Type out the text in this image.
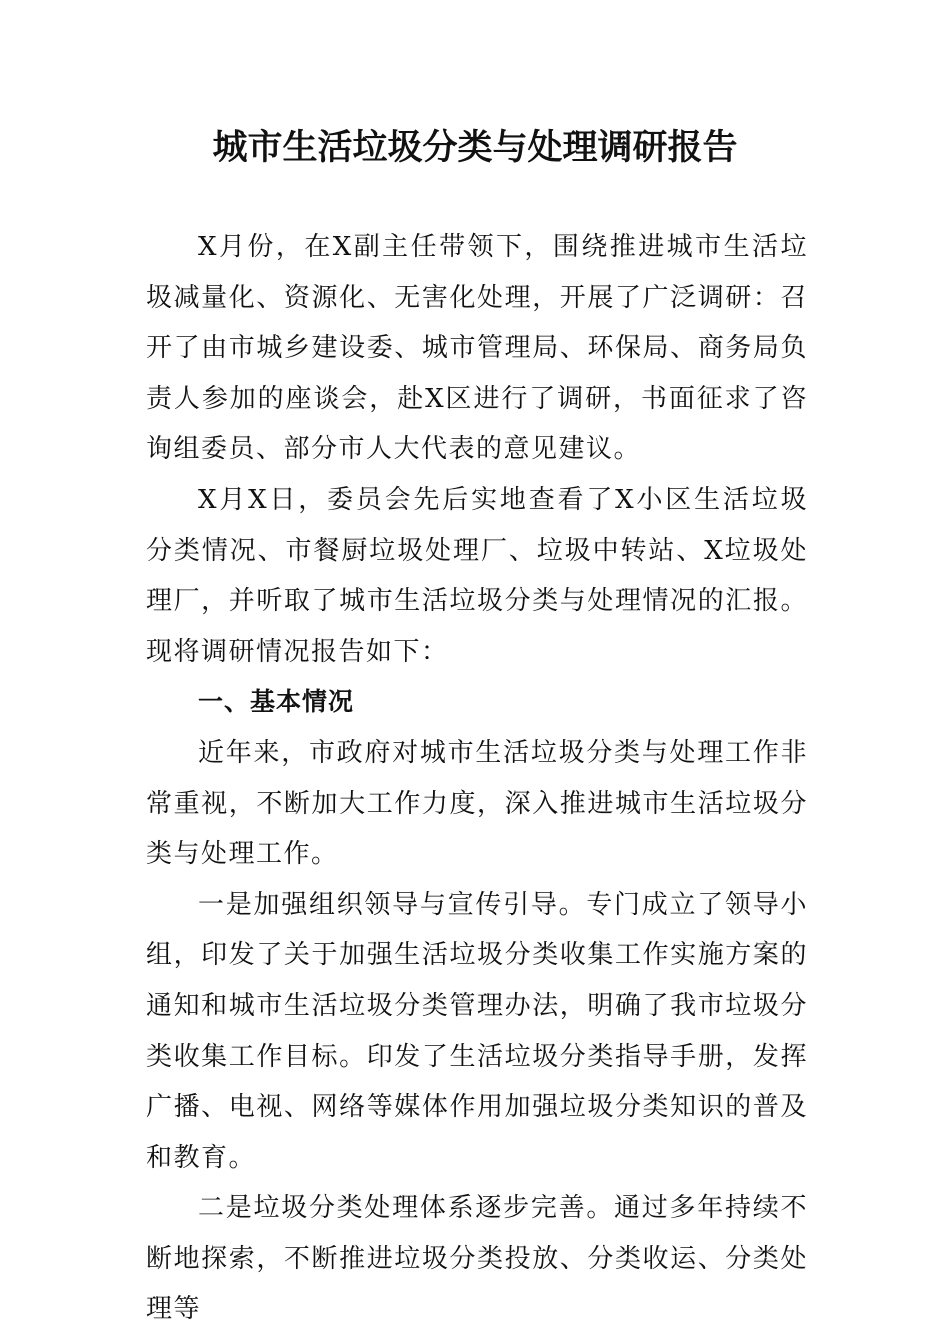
城市生活垃圾分类与处理调研报告

X月份，在X副主任带领下，围绕推进城市生活垃圾减量化、资源化、无害化处理，开展了广泛调研：召开了由市城乡建设委、城市管理局、环保局、商务局负责人参加的座谈会，赴X区进行了调研，书面征求了咨询组委员、部分市人大代表的意见建议。

X月X日，委员会先后实地查看了X小区生活垃圾分类情况、市餐厨垃圾处理厂、垃圾中转站、X垃圾处理厂，并听取了城市生活垃圾分类与处理情况的汇报。现将调研情况报告如下：

一、基本情况

近年来，市政府对城市生活垃圾分类与处理工作非常重视，不断加大工作力度，深入推进城市生活垃圾分类与处理工作。

一是加强组织领导与宣传引导。专门成立了领导小组，印发了关于加强生活垃圾分类收集工作实施方案的通知和城市生活垃圾分类管理办法，明确了我市垃圾分类收集工作目标。印发了生活垃圾分类指导手册，发挥广播、电视、网络等媒体作用加强垃圾分类知识的普及和教育。

二是垃圾分类处理体系逐步完善。通过多年持续不断地探索，不断推进垃圾分类投放、分类收运、分类处理等
